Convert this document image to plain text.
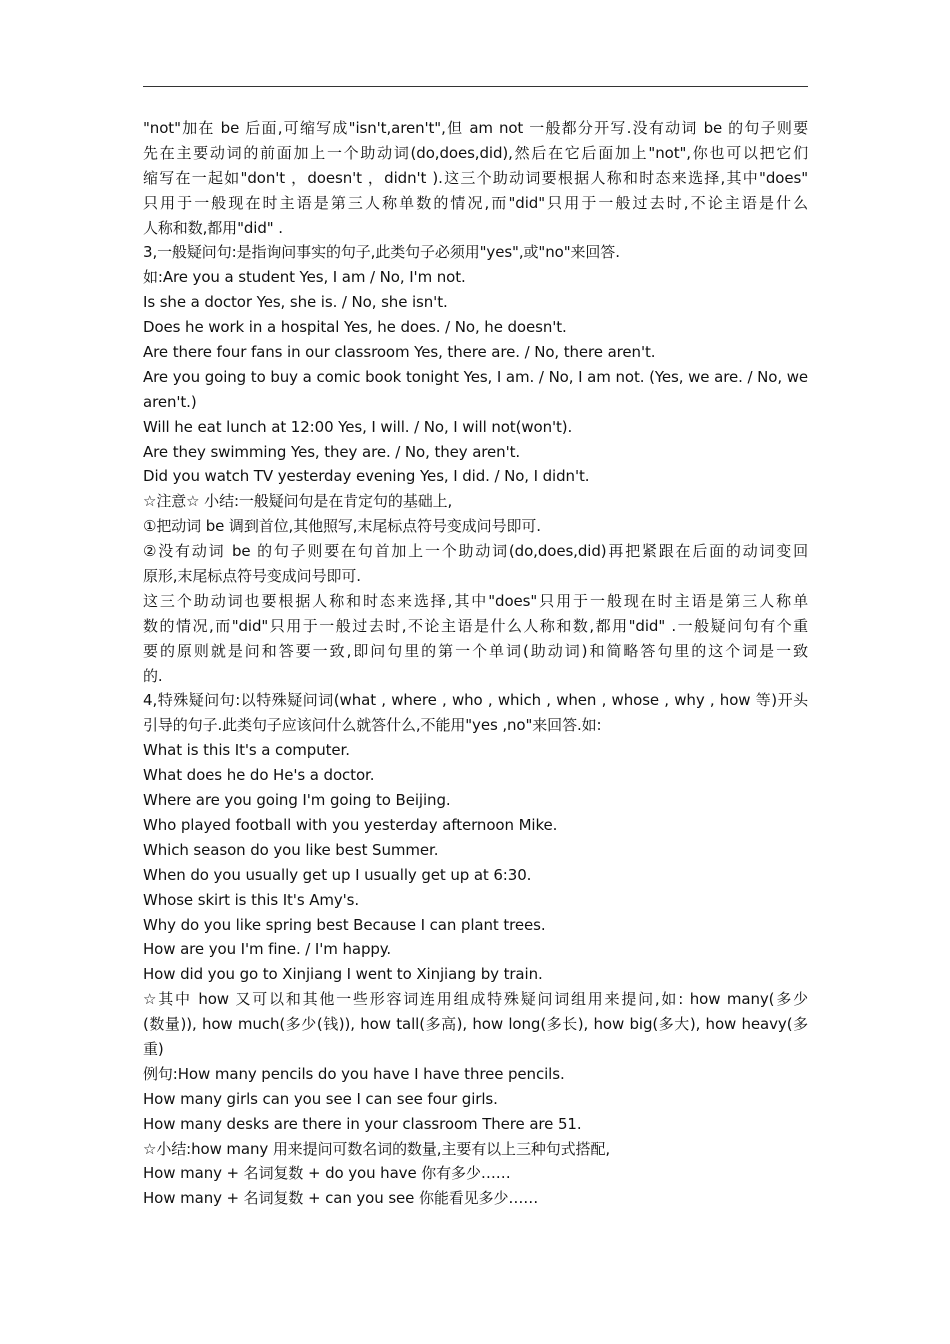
"not"加在 be 后面,可缩写成"isn't,aren't",但 am not 一般都分开写.没有动词 be 的句子则要
先在主要动词的前面加上一个助动词(do,does,did),然后在它后面加上"not",你也可以把它们
缩写在一起如"don't ，doesn't ，didn't ).这三个助动词要根据人称和时态来选择,其中"does"
只用于一般现在时主语是第三人称单数的情况,而"did"只用于一般过去时,不论主语是什么
人称和数,都用"did" .
3,一般疑问句:是指询问事实的句子,此类句子必须用"yes",或"no"来回答.
如:Are you a student Yes, I am / No, I'm not.
Is she a doctor Yes, she is. / No, she isn't.
Does he work in a hospital Yes, he does. / No, he doesn't.
Are there four fans in our classroom Yes, there are. / No, there aren't.
Are you going to buy a comic book tonight Yes, I am. / No, I am not. (Yes, we are. / No, we
aren't.)
Will he eat lunch at 12:00 Yes, I will. / No, I will not(won't).
Are they swimming Yes, they are. / No, they aren't.
Did you watch TV yesterday evening Yes, I did. / No, I didn't.
☆注意☆ 小结:一般疑问句是在肯定句的基础上,
①把动词 be 调到首位,其他照写,末尾标点符号变成问号即可.
②没有动词 be 的句子则要在句首加上一个助动词(do,does,did)再把紧跟在后面的动词变回
原形,末尾标点符号变成问号即可.
这三个助动词也要根据人称和时态来选择,其中"does"只用于一般现在时主语是第三人称单
数的情况,而"did"只用于一般过去时,不论主语是什么人称和数,都用"did" .一般疑问句有个重
要的原则就是问和答要一致,即问句里的第一个单词(助动词)和简略答句里的这个词是一致
的.
4,特殊疑问句:以特殊疑问词(what , where , who , which , when , whose , why , how 等)开头
引导的句子.此类句子应该问什么就答什么,不能用"yes ,no"来回答.如:
What is this It's a computer.
What does he do He's a doctor.
Where are you going I'm going to Beijing.
Who played football with you yesterday afternoon Mike.
Which season do you like best Summer.
When do you usually get up I usually get up at 6:30.
Whose skirt is this It's Amy's.
Why do you like spring best Because I can plant trees.
How are you I'm fine. / I'm happy.
How did you go to Xinjiang I went to Xinjiang by train.
☆其中 how 又可以和其他一些形容词连用组成特殊疑问词组用来提问,如: how many(多少
(数量)), how much(多少(钱)), how tall(多高), how long(多长), how big(多大), how heavy(多
重)
例句:How many pencils do you have I have three pencils.
How many girls can you see I can see four girls.
How many desks are there in your classroom There are 51.
☆小结:how many 用来提问可数名词的数量,主要有以上三种句式搭配,
How many + 名词复数 + do you have 你有多少……
How many + 名词复数 + can you see 你能看见多少……
